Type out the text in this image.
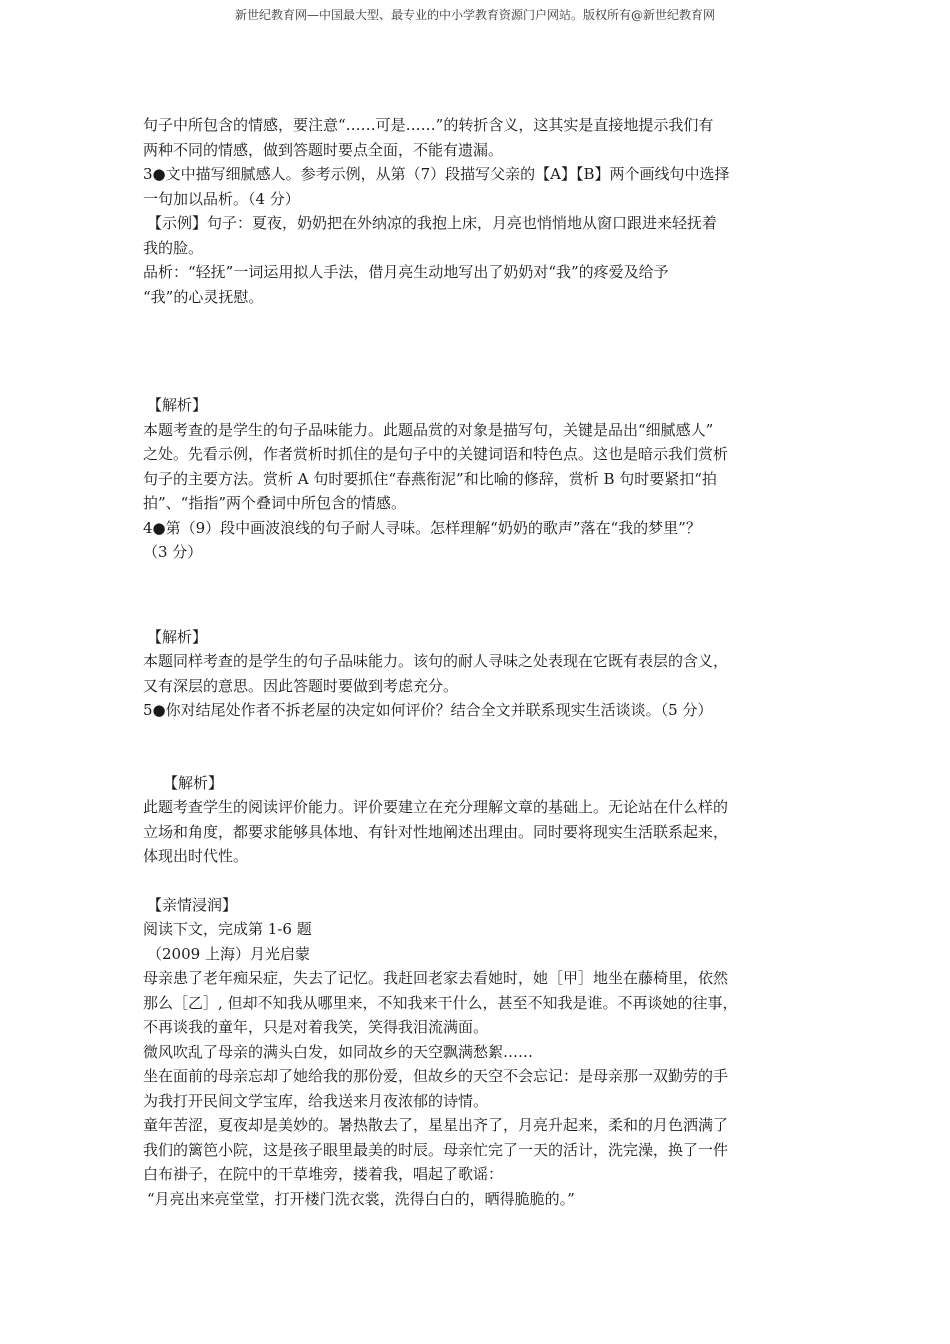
新世纪教育网—中国最大型、最专业的中小学教育资源门户网站。版权所有@新世纪教育网

句子中所包含的情感，要注意“……可是……”的转折含义，这其实是直接地提示我们有

两种不同的情感，做到答题时要点全面，不能有遗漏。

3●文中描写细腻感人。参考示例，从第（7）段描写父亲的【A】【B】两个画线句中选择

一句加以品析。（4 分）

【示例】句子：夏夜，奶奶把在外纳凉的我抱上床，月亮也悄悄地从窗口跟进来轻抚着

我的脸。

品析：“轻抚”一词运用拟人手法，借月亮生动地写出了奶奶对“我”的疼爱及给予

“我”的心灵抚慰。

【解析】

本题考查的是学生的句子品味能力。此题品赏的对象是描写句，关键是品出“细腻感人”

之处。先看示例，作者赏析时抓住的是句子中的关键词语和特色点。这也是暗示我们赏析

句子的主要方法。赏析 A 句时要抓住“春燕衔泥”和比喻的修辞，赏析 B 句时要紧扣“拍

拍”、“指指”两个叠词中所包含的情感。

4●第（9）段中画波浪线的句子耐人寻味。怎样理解“奶奶的歌声”落在“我的梦里”？

（3 分）

【解析】

本题同样考查的是学生的句子品味能力。该句的耐人寻味之处表现在它既有表层的含义，

又有深层的意思。因此答题时要做到考虑充分。

5●你对结尾处作者不拆老屋的决定如何评价？结合全文并联系现实生活谈谈。（5 分）

【解析】

此题考查学生的阅读评价能力。评价要建立在充分理解文章的基础上。无论站在什么样的

立场和角度，都要求能够具体地、有针对性地阐述出理由。同时要将现实生活联系起来，

体现出时代性。

【亲情浸润】

阅读下文，完成第 1-6 题

（2009 上海）月光启蒙

母亲患了老年痴呆症，失去了记忆。我赶回老家去看她时，她［甲］地坐在藤椅里，依然

那么［乙］, 但却不知我从哪里来，不知我来干什么，甚至不知我是谁。不再谈她的往事，

不再谈我的童年，只是对着我笑，笑得我泪流满面。

微风吹乱了母亲的满头白发，如同故乡的天空飘满愁絮……

坐在面前的母亲忘却了她给我的那份爱，但故乡的天空不会忘记：是母亲那一双勤劳的手

为我打开民间文学宝库，给我送来月夜浓郁的诗情。

童年苦涩，夏夜却是美妙的。暑热散去了，星星出齐了，月亮升起来，柔和的月色洒满了

我们的篱笆小院，这是孩子眼里最美的时辰。母亲忙完了一天的活计，洗完澡，换了一件

白布褂子，在院中的干草堆旁，搂着我，唱起了歌谣：

“月亮出来亮堂堂，打开楼门洗衣裳，洗得白白的，晒得脆脆的。”
